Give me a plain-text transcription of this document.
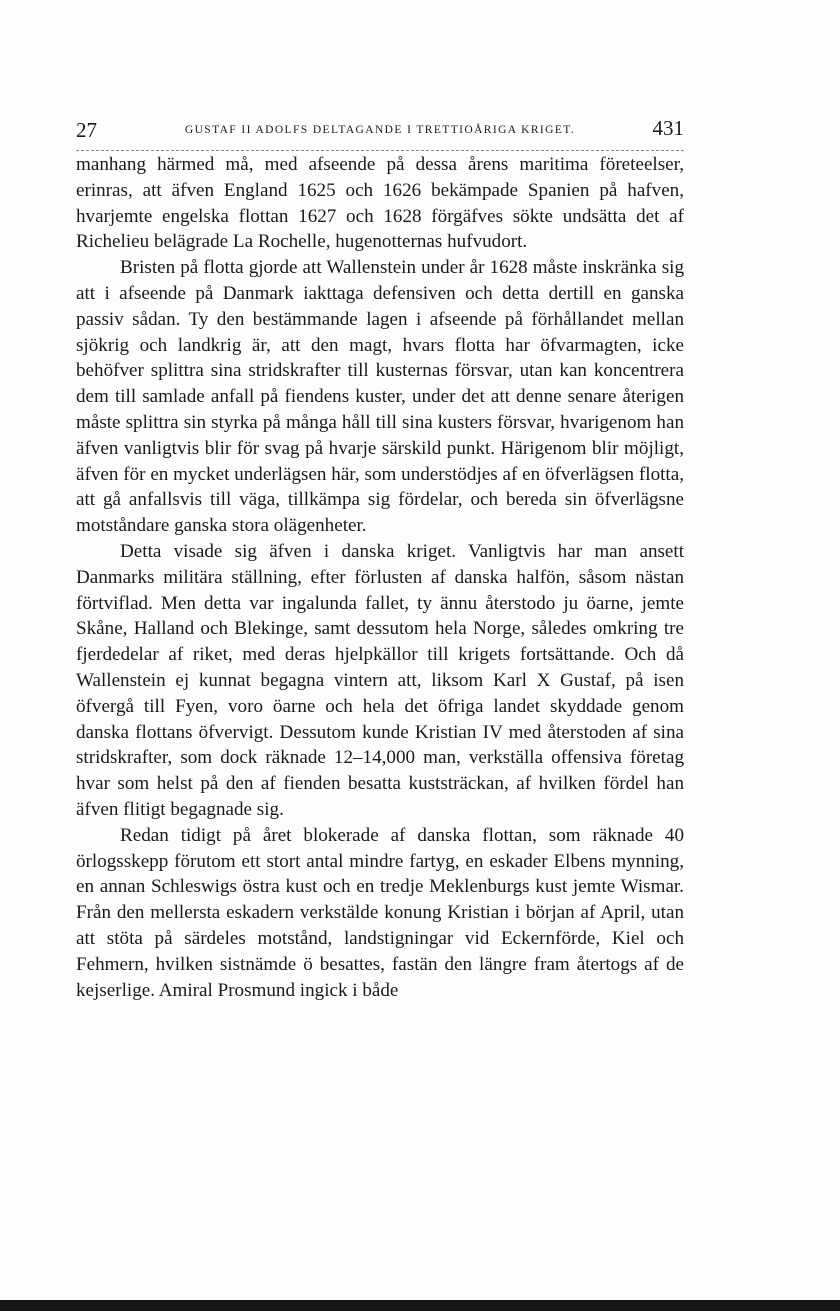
27	GUSTAF II ADOLFS DELTAGANDE I TRETTIOÅRIGA KRIGET.	431

manhang härmed må, med afseende på dessa årens maritima företeelser, erinras, att äfven England 1625 och 1626 bekämpade Spanien på hafven, hvarjemte engelska flottan 1627 och 1628 förgäfves sökte undsätta det af Richelieu belägrade La Rochelle, hugenotternas hufvudort.

Bristen på flotta gjorde att Wallenstein under år 1628 måste inskränka sig att i afseende på Danmark iakttaga defensiven och detta dertill en ganska passiv sådan. Ty den bestämmande lagen i afseende på förhållandet mellan sjökrig och landkrig är, att den magt, hvars flotta har öfvarmagten, icke behöfver splittra sina stridskrafter till kusternas försvar, utan kan koncentrera dem till samlade anfall på fiendens kuster, under det att denne senare återigen måste splittra sin styrka på många håll till sina kusters försvar, hvarigenom han äfven vanligtvis blir för svag på hvarje särskild punkt. Härigenom blir möjligt, äfven för en mycket underlägsen här, som understödjes af en öfverlägsen flotta, att gå anfallsvis till väga, tillkämpa sig fördelar, och bereda sin öfverlägsne motståndare ganska stora olägenheter.

Detta visade sig äfven i danska kriget. Vanligtvis har man ansett Danmarks militära ställning, efter förlusten af danska halfön, såsom nästan förtviflad. Men detta var ingalunda fallet, ty ännu återstodo ju öarne, jemte Skåne, Halland och Blekinge, samt dessutom hela Norge, således omkring tre fjerdedelar af riket, med deras hjelpkällor till krigets fortsättande. Och då Wallenstein ej kunnat begagna vintern att, liksom Karl X Gustaf, på isen öfvergå till Fyen, voro öarne och hela det öfriga landet skyddade genom danska flottans öfvervigt. Dessutom kunde Kristian IV med återstoden af sina stridskrafter, som dock räknade 12–14,000 man, verkställa offensiva företag hvar som helst på den af fienden besatta kuststräckan, af hvilken fördel han äfven flitigt begagnade sig.

Redan tidigt på året blokerade af danska flottan, som räknade 40 örlogsskepp förutom ett stort antal mindre fartyg, en eskader Elbens mynning, en annan Schleswigs östra kust och en tredje Meklenburgs kust jemte Wismar. Från den mellersta eskadern verkstälde konung Kristian i början af April, utan att stöta på särdeles motstånd, landstigningar vid Eckernförde, Kiel och Fehmern, hvilken sistnämde ö besattes, fastän den längre fram återtogs af de kejserlige. Amiral Prosmund ingick i både
